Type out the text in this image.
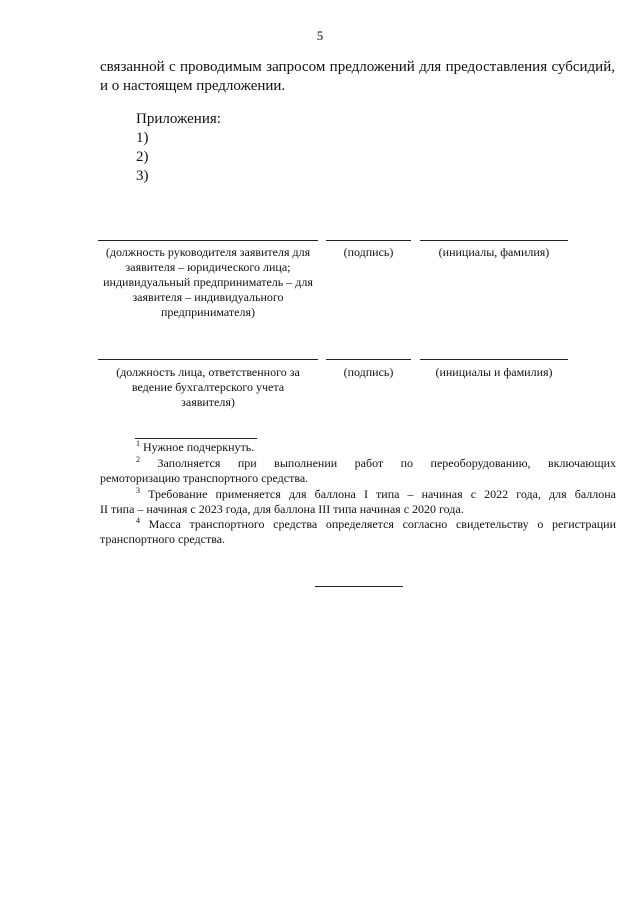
5
связанной с проводимым запросом предложений для предоставления субсидий,
и о настоящем предложении.
Приложения:
1)
2)
3)
(должность руководителя заявителя для заявителя – юридического лица; индивидуальный предприниматель – для заявителя – индивидуального предпринимателя)
(подпись)	(инициалы, фамилия)
(должность лица, ответственного за ведение бухгалтерского учета заявителя)
(подпись)	(инициалы и фамилия)
$^1$ Нужное подчеркнуть.
$^2$ Заполняется при выполнении работ по переоборудованию, включающих
ремоторизацию транспортного средства.
$^3$ Требование применяется для баллона I типа – начиная с 2022 года, для баллона
II типа – начиная с 2023 года, для баллона III типа начиная с 2020 года.
$^4$ Масса транспортного средства определяется согласно свидетельству о регистрации
транспортного средства.
